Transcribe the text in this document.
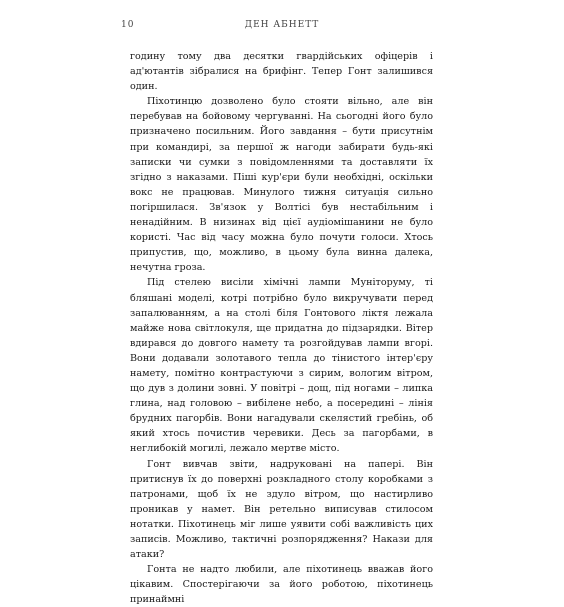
10	ДЕН АБНЕТТ

годину тому два десятки гвардійських офіцерів і ад'ютантів зібралися на брифінг. Тепер Гонт залишився один.

Піхотинцю дозволено було стояти вільно, але він перебував на бойовому чергуванні. На сьогодні його було призначено посильним. Його завдання – бути присутнім при командирі, за першої ж нагоди забирати будь-які записки чи сумки з повідомленнями та доставляти їх згідно з наказами. Піші кур'єри були необхідні, оскільки вокс не працював. Минулого тижня ситуація сильно погіршилася. Зв'язок у Волтісі був нестабільним і ненадійним. В низинах від цієї аудіомішанини не було користі. Час від часу можна було почути голоси. Хтось припустив, що, можливо, в цьому була винна далека, нечутна гроза.

Під стелею висіли хімічні лампи Муніторуму, ті бляшані моделі, котрі потрібно було викручувати перед запалюванням, а на столі біля Гонтового ліктя лежала майже нова світлокуля, ще придатна до підзарядки. Вітер вдирався до довгого намету та розгойдував лампи вгорі. Вони додавали золотавого тепла до тінистого інтер'єру намету, помітно контрастуючи з сирим, вологим вітром, що дув з долини зовні. У повітрі – дощ, під ногами – липка глина, над головою – вибілене небо, а посередині – лінія брудних пагорбів. Вони нагадували скелястий гребінь, об який хтось почистив черевики. Десь за пагорбами, в неглибокій могилі, лежало мертве місто.

Гонт вивчав звіти, надруковані на папері. Він притиснув їх до поверхні розкладного столу коробками з патронами, щоб їх не здуло вітром, що настирливо проникав у намет. Він ретельно виписував стилосом нотатки. Піхотинець міг лише уявити собі важливість цих записів. Можливо, тактичні розпорядження? Накази для атаки?

Гонта не надто любили, але піхотинець вважав його цікавим. Спостерігаючи за його роботою, піхотинець принаймні
